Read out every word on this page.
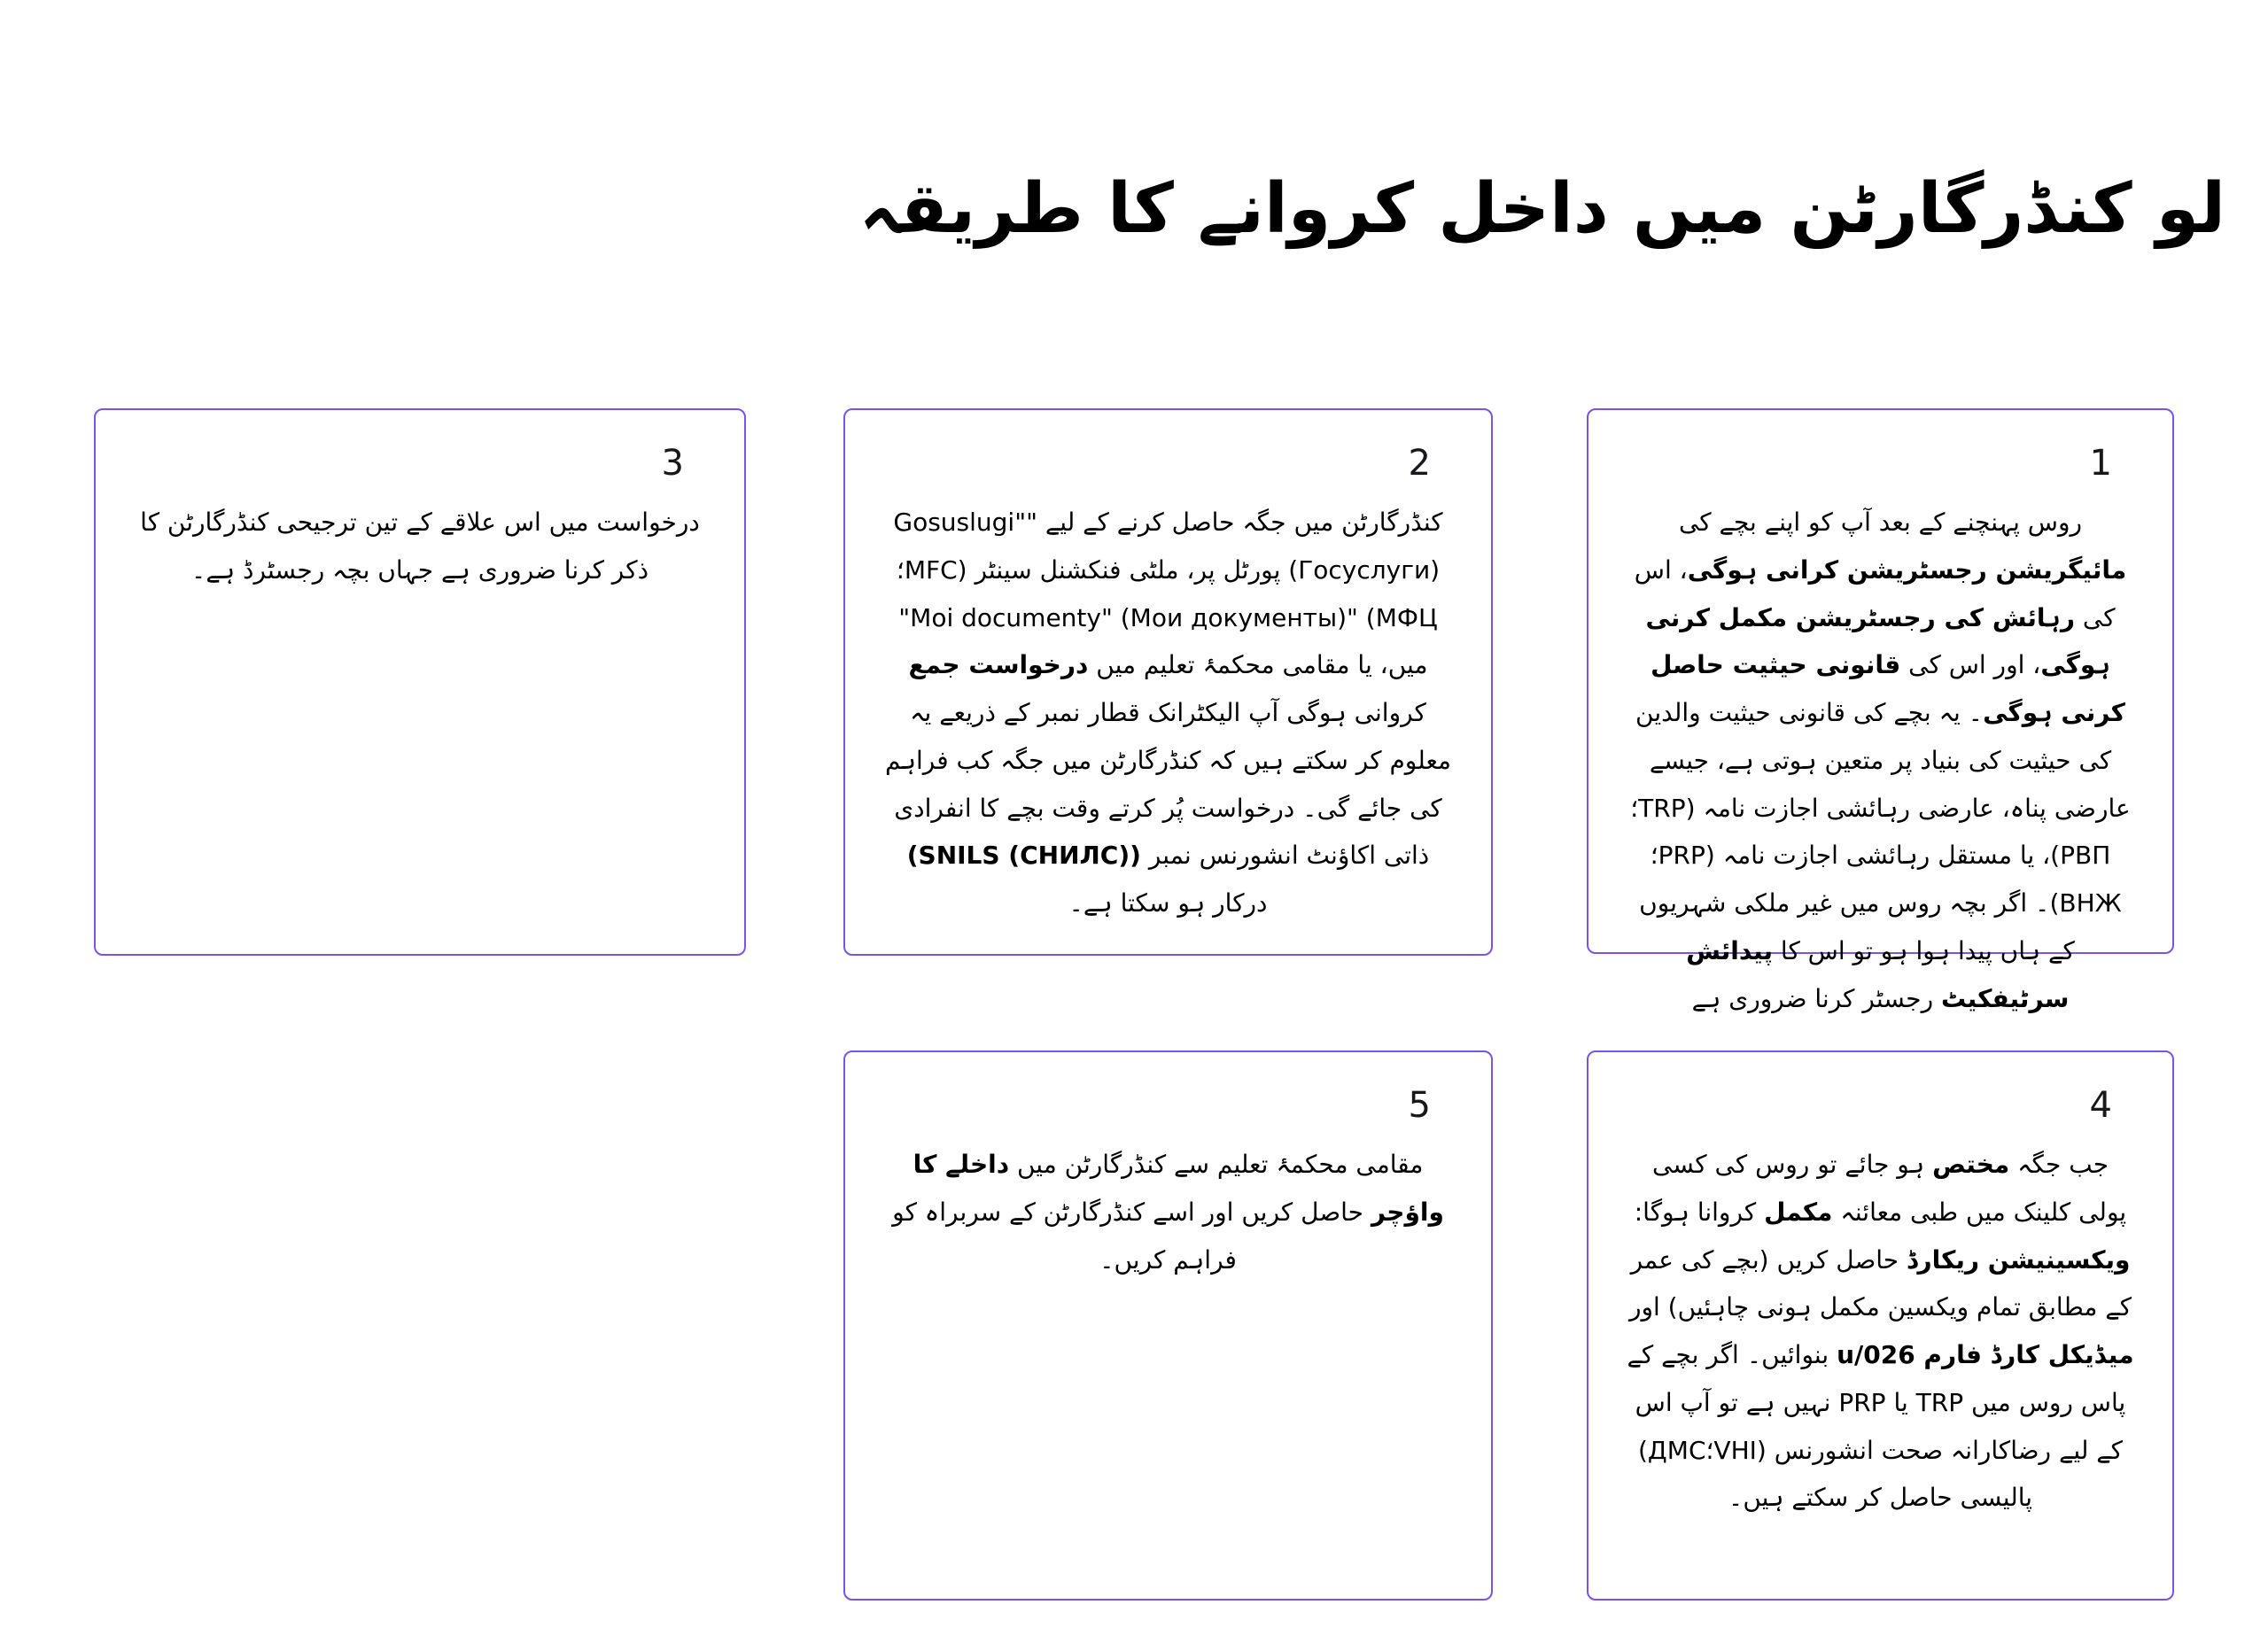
لو کنڈرگارٹن میں داخل کروانے کا طریقہ
1

روس پہنچنے کے بعد آپ کو اپنے بچے کی مائیگریشن رجسٹریشن کرانی ہوگی، اس کی رہائش کی رجسٹریشن مکمل کرنی ہوگی، اور اس کی قانونی حیثیت حاصل کرنی ہوگی۔ یہ بچے کی قانونی حیثیت والدین کی حیثیت کی بنیاد پر متعین ہوتی ہے، جیسے عارضی پناہ، عارضی رہائشی اجازت نامہ (TRP؛РВП)، یا مستقل رہائشی اجازت نامہ (PRP؛ВНЖ)۔ اگر بچہ روس میں غیر ملکی شہریوں کے ہاں پیدا ہوا ہو تو اس کا پیدائش سرٹیفکیٹ رجسٹر کرنا ضروری ہے

2

کنڈرگارٹن میں جگہ حاصل کرنے کے لیے ""Gosuslugi (Госуслуги) پورٹل پر، ملٹی فنکشنل سینٹر (MFC؛МФЦ) "Moi documenty" (Мои документы)" میں، یا مقامی محکمۂ تعلیم میں درخواست جمع کروانی ہوگی آپ الیکٹرانک قطار نمبر کے ذریعے یہ معلوم کر سکتے ہیں کہ کنڈرگارٹن میں جگہ کب فراہم کی جائے گی۔ درخواست پُر کرتے وقت بچے کا انفرادی ذاتی اکاؤنٹ انشورنس نمبر (SNILS (СНИЛС)) درکار ہو سکتا ہے۔

3

درخواست میں اس علاقے کے تین ترجیحی کنڈرگارٹن کا ذکر کرنا ضروری ہے جہاں بچہ رجسٹرڈ ہے۔

4

جب جگہ مختص ہو جائے تو روس کی کسی پولی کلینک میں طبی معائنہ مکمل کروانا ہوگا: ویکسینیشن ریکارڈ حاصل کریں (بچے کی عمر کے مطابق تمام ویکسین مکمل ہونی چاہئیں) اور میڈیکل کارڈ فارم u/026 بنوائیں۔ اگر بچے کے پاس روس میں TRP یا PRP نہیں ہے تو آپ اس کے لیے رضاکارانہ صحت انشورنس (VHI؛ДМС) پالیسی حاصل کر سکتے ہیں۔

5

مقامی محکمۂ تعلیم سے کنڈرگارٹن میں داخلے کا واؤچر حاصل کریں اور اسے کنڈرگارٹن کے سربراہ کو فراہم کریں۔
